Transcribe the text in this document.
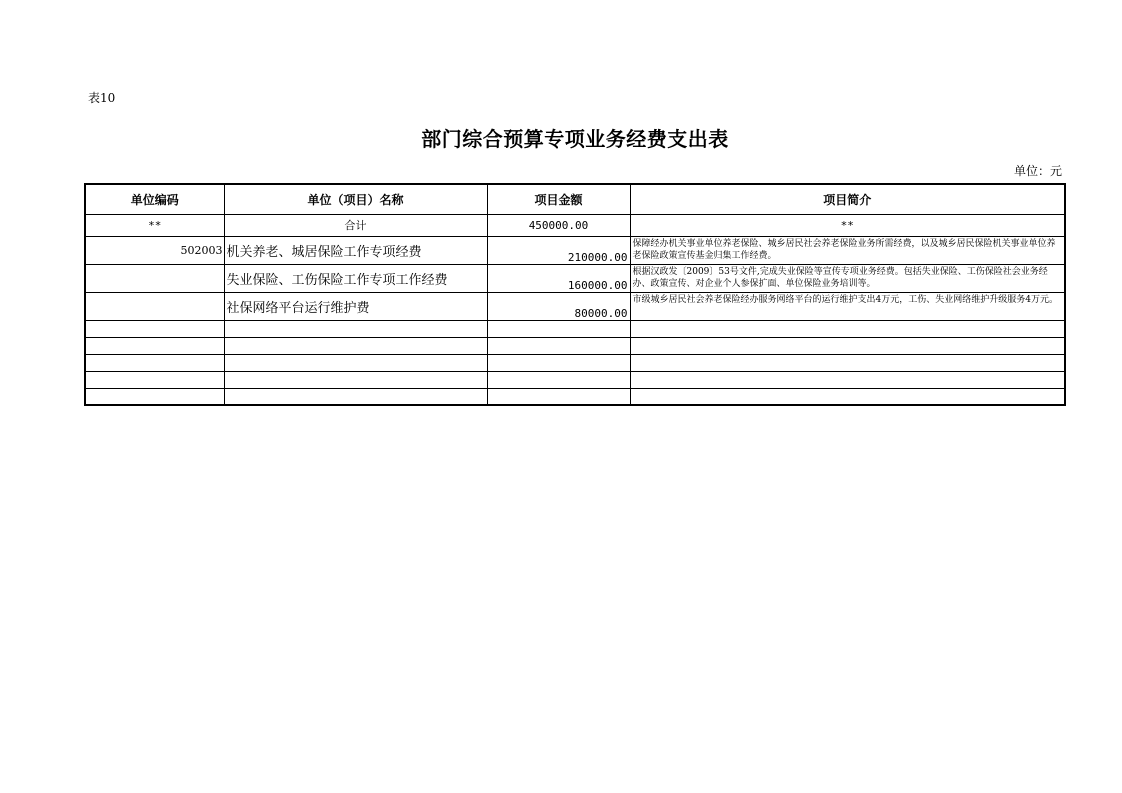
表10
部门综合预算专项业务经费支出表
单位：元
单位编码	单位（项目）名称	项目金额	项目简介
**	合计	450000.00	**
502003	机关养老、城居保险工作专项经费	210000.00	保障经办机关事业单位养老保险、城乡居民社会养老保险业务所需经费，以及城乡居民保险机关事业单位养老保险政策宣传基金归集工作经费。
	失业保险、工伤保险工作专项工作经费	160000.00	根据汉政发〔2009〕53号文件,完成失业保险等宣传专项业务经费。包括失业保险、工伤保险社会业务经办、政策宣传、对企业个人参保扩面、单位保险业务培训等。
	社保网络平台运行维护费	80000.00	市级城乡居民社会养老保险经办服务网络平台的运行维护支出4万元，工伤、失业网络维护升级服务4万元。
